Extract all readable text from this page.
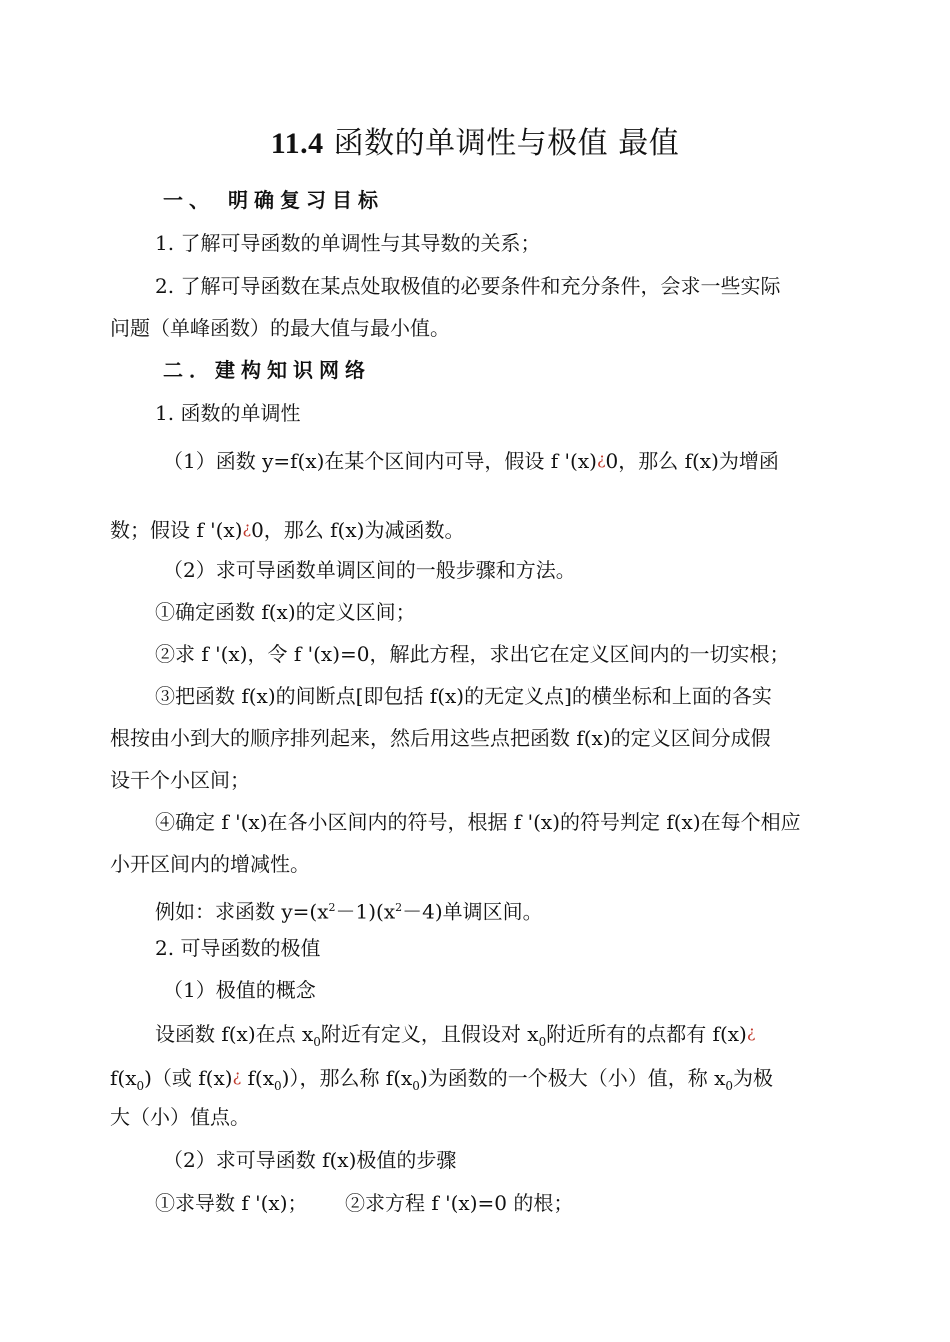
11.4 函数的单调性与极值 最值
一、 明确复习目标
1. 了解可导函数的单调性与其导数的关系；
2. 了解可导函数在某点处取极值的必要条件和充分条件，会求一些实际
问题（单峰函数）的最大值与最小值。
二．建构知识网络
1. 函数的单调性
（1）函数 y=f(x)在某个区间内可导，假设 f '(x)¿0，那么 f(x)为增函
数；假设 f '(x)¿0，那么 f(x)为减函数。
（2）求可导函数单调区间的一般步骤和方法。
①确定函数 f(x)的定义区间；
②求 f '(x)，令 f '(x)=0，解此方程，求出它在定义区间内的一切实根；
③把函数 f(x)的间断点[即包括 f(x)的无定义点]的横坐标和上面的各实
根按由小到大的顺序排列起来，然后用这些点把函数 f(x)的定义区间分成假
设干个小区间；
④确定 f '(x)在各小区间内的符号，根据 f '(x)的符号判定 f(x)在每个相应
小开区间内的增减性。
例如：求函数 $y=(x^2-1)(x^2-4)$单调区间。
2. 可导函数的极值
（1）极值的概念
设函数 f(x)在点 $x_0$附近有定义，且假设对 $x_0$附近所有的点都有 f(x)¿
$f(x_0)$（或 f(x)¿ $f(x_0)$），那么称 $f(x_0)$为函数的一个极大（小）值，称 $x_0$为极
大（小）值点。
（2）求可导函数 f(x)极值的步骤
①求导数 f '(x)； ②求方程 f '(x)=0 的根；
